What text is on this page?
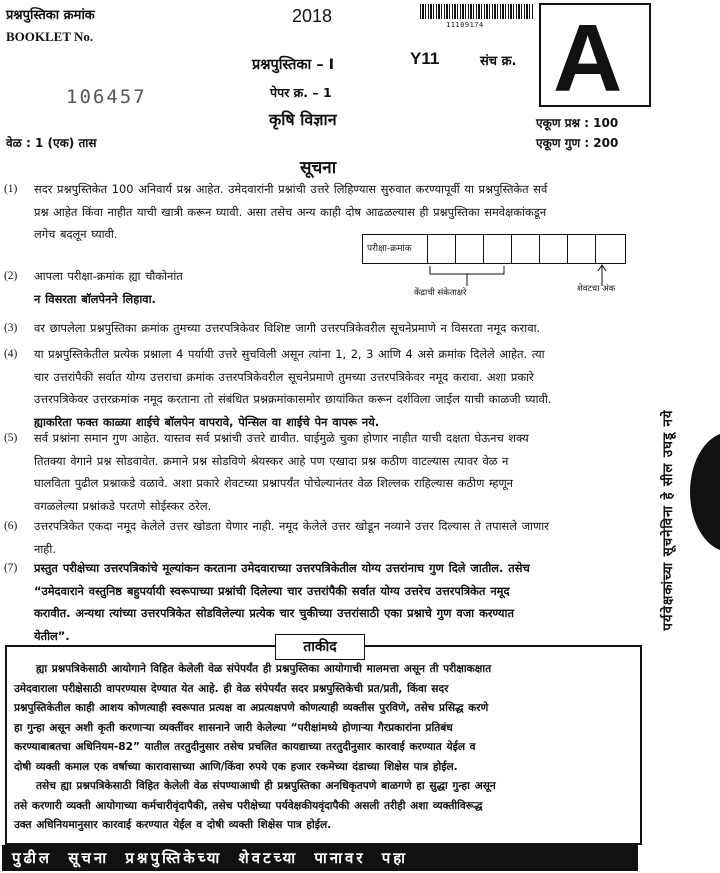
प्रश्नपुस्तिका क्रमांक
BOOKLET No.
2018	11109174
106457
प्रश्नपुस्तिका – I	Y11	संच क्र. A
पेपर क्र. – 1
कृषि विज्ञान
वेळ : 1 (एक) तास
एकूण प्रश्न : 100
एकूण गुण : 200
सूचना
(1) सदर प्रश्नपुस्तिकेत 100 अनिवार्य प्रश्न आहेत. उमेदवारांनी प्रश्नांची उत्तरे लिहिण्यास सुरुवात करण्यापूर्वी या प्रश्नपुस्तिकेत सर्व
प्रश्न आहेत किंवा नाहीत याची खात्री करून घ्यावी. असा तसेच अन्य काही दोष आढळल्यास ही प्रश्नपुस्तिका समवेक्षकांकडून
लगेच बदलून घ्यावी.
परीक्षा-क्रमांक
केंद्राची संकेताक्षरे	शेवटचा अंक
(2) आपला परीक्षा-क्रमांक ह्या चौकोनांत
न विसरता बॉलपेनने लिहावा.
(3) वर छापलेला प्रश्नपुस्तिका क्रमांक तुमच्या उत्तरपत्रिकेवर विशिष्ट जागी उत्तरपत्रिकेवरील सूचनेप्रमाणे न विसरता नमूद करावा.
(4) या प्रश्नपुस्तिकेतील प्रत्येक प्रश्नाला 4 पर्यायी उत्तरे सुचविली असून त्यांना 1, 2, 3 आणि 4 असे क्रमांक दिलेले आहेत. त्या
चार उत्तरांपैकी सर्वात योग्य उत्तराचा क्रमांक उत्तरपत्रिकेवरील सूचनेप्रमाणे तुमच्या उत्तरपत्रिकेवर नमूद करावा. अशा प्रकारे
उत्तरपत्रिकेवर उत्तरक्रमांक नमूद करताना तो संबंधित प्रश्नक्रमांकासमोर छायांकित करून दर्शविला जाईल याची काळजी घ्यावी.
ह्याकरिता फक्त काळ्या शाईचे बॉलपेन वापरावे, पेन्सिल वा शाईचे पेन वापरू नये.
(5) सर्व प्रश्नांना समान गुण आहेत. यास्तव सर्व प्रश्नांची उत्तरे द्यावीत. घाईमुळे चुका होणार नाहीत याची दक्षता घेऊनच शक्य
तितक्या वेगाने प्रश्न सोडवावेत. क्रमाने प्रश्न सोडविणे श्रेयस्कर आहे पण एखादा प्रश्न कठीण वाटल्यास त्यावर वेळ न
घालविता पुढील प्रश्नाकडे वळावे. अशा प्रकारे शेवटच्या प्रश्नापर्यंत पोचेल्यानंतर वेळ शिल्लक राहिल्यास कठीण म्हणून
वगळलेल्या प्रश्नांकडे परतणे सोईस्कर ठरेल.
(6) उत्तरपत्रिकेत एकदा नमूद केलेले उत्तर खोडता येणार नाही. नमूद केलेले उत्तर खोडून नव्याने उत्तर दिल्यास ते तपासले जाणार
नाही.
(7) प्रस्तुत परीक्षेच्या उत्तरपत्रिकांचे मूल्यांकन करताना उमेदवाराच्या उत्तरपत्रिकेतील योग्य उत्तरांनाच गुण दिले जातील. तसेच
“उमेदवाराने वस्तुनिष्ठ बहुपर्यायी स्वरूपाच्या प्रश्नांची दिलेल्या चार उत्तरांपैकी सर्वात योग्य उत्तरेच उत्तरपत्रिकेत नमूद
करावीत. अन्यथा त्यांच्या उत्तरपत्रिकेत सोडविलेल्या प्रत्येक चार चुकीच्या उत्तरांसाठी एका प्रश्नाचे गुण वजा करण्यात
येतील”.
पर्यवेक्षकांच्या सूचनेविना हे सील उघडू नये
ताकीद
ह्या प्रश्नपत्रिकेसाठी आयोगाने विहित केलेली वेळ संपेपर्यंत ही प्रश्नपुस्तिका आयोगाची मालमत्ता असून ती परीक्षाकक्षात
उमेदवाराला परीक्षेसाठी वापरण्यास देण्यात येत आहे. ही वेळ संपेपर्यंत सदर प्रश्नपुस्तिकेची प्रत/प्रती, किंवा सदर
प्रश्नपुस्तिकेतील काही आशय कोणत्याही स्वरूपात प्रत्यक्ष वा अप्रत्यक्षपणे कोणत्याही व्यक्तीस पुरविणे, तसेच प्रसिद्ध करणे
हा गुन्हा असून अशी कृती करणाऱ्या व्यक्तींवर शासनाने जारी केलेल्या “परीक्षांमध्ये होणाऱ्या गैरप्रकारांना प्रतिबंध
करण्याबाबतचा अधिनियम-82” यातील तरतुदीनुसार तसेच प्रचलित कायद्याच्या तरतुदीनुसार कारवाई करण्यात येईल व
दोषी व्यक्ती कमाल एक वर्षाच्या कारावासाच्या आणि/किंवा रुपये एक हजार रकमेच्या दंडाच्या शिक्षेस पात्र होईल.
तसेच ह्या प्रश्नपत्रिकेसाठी विहित केलेली वेळ संपण्याआधी ही प्रश्नपुस्तिका अनधिकृतपणे बाळगणे हा सुद्धा गुन्हा असून
तसे करणारी व्यक्ती आयोगाच्या कर्मचारीवृंदापैकी, तसेच परीक्षेच्या पर्यवेक्षकीयवृंदापैकी असली तरीही अशा व्यक्तीविरूद्ध
उक्त अधिनियमानुसार कारवाई करण्यात येईल व दोषी व्यक्ती शिक्षेस पात्र होईल.
पुढील सूचना प्रश्नपुस्तिकेच्या शेवटच्या पानावर पहा
